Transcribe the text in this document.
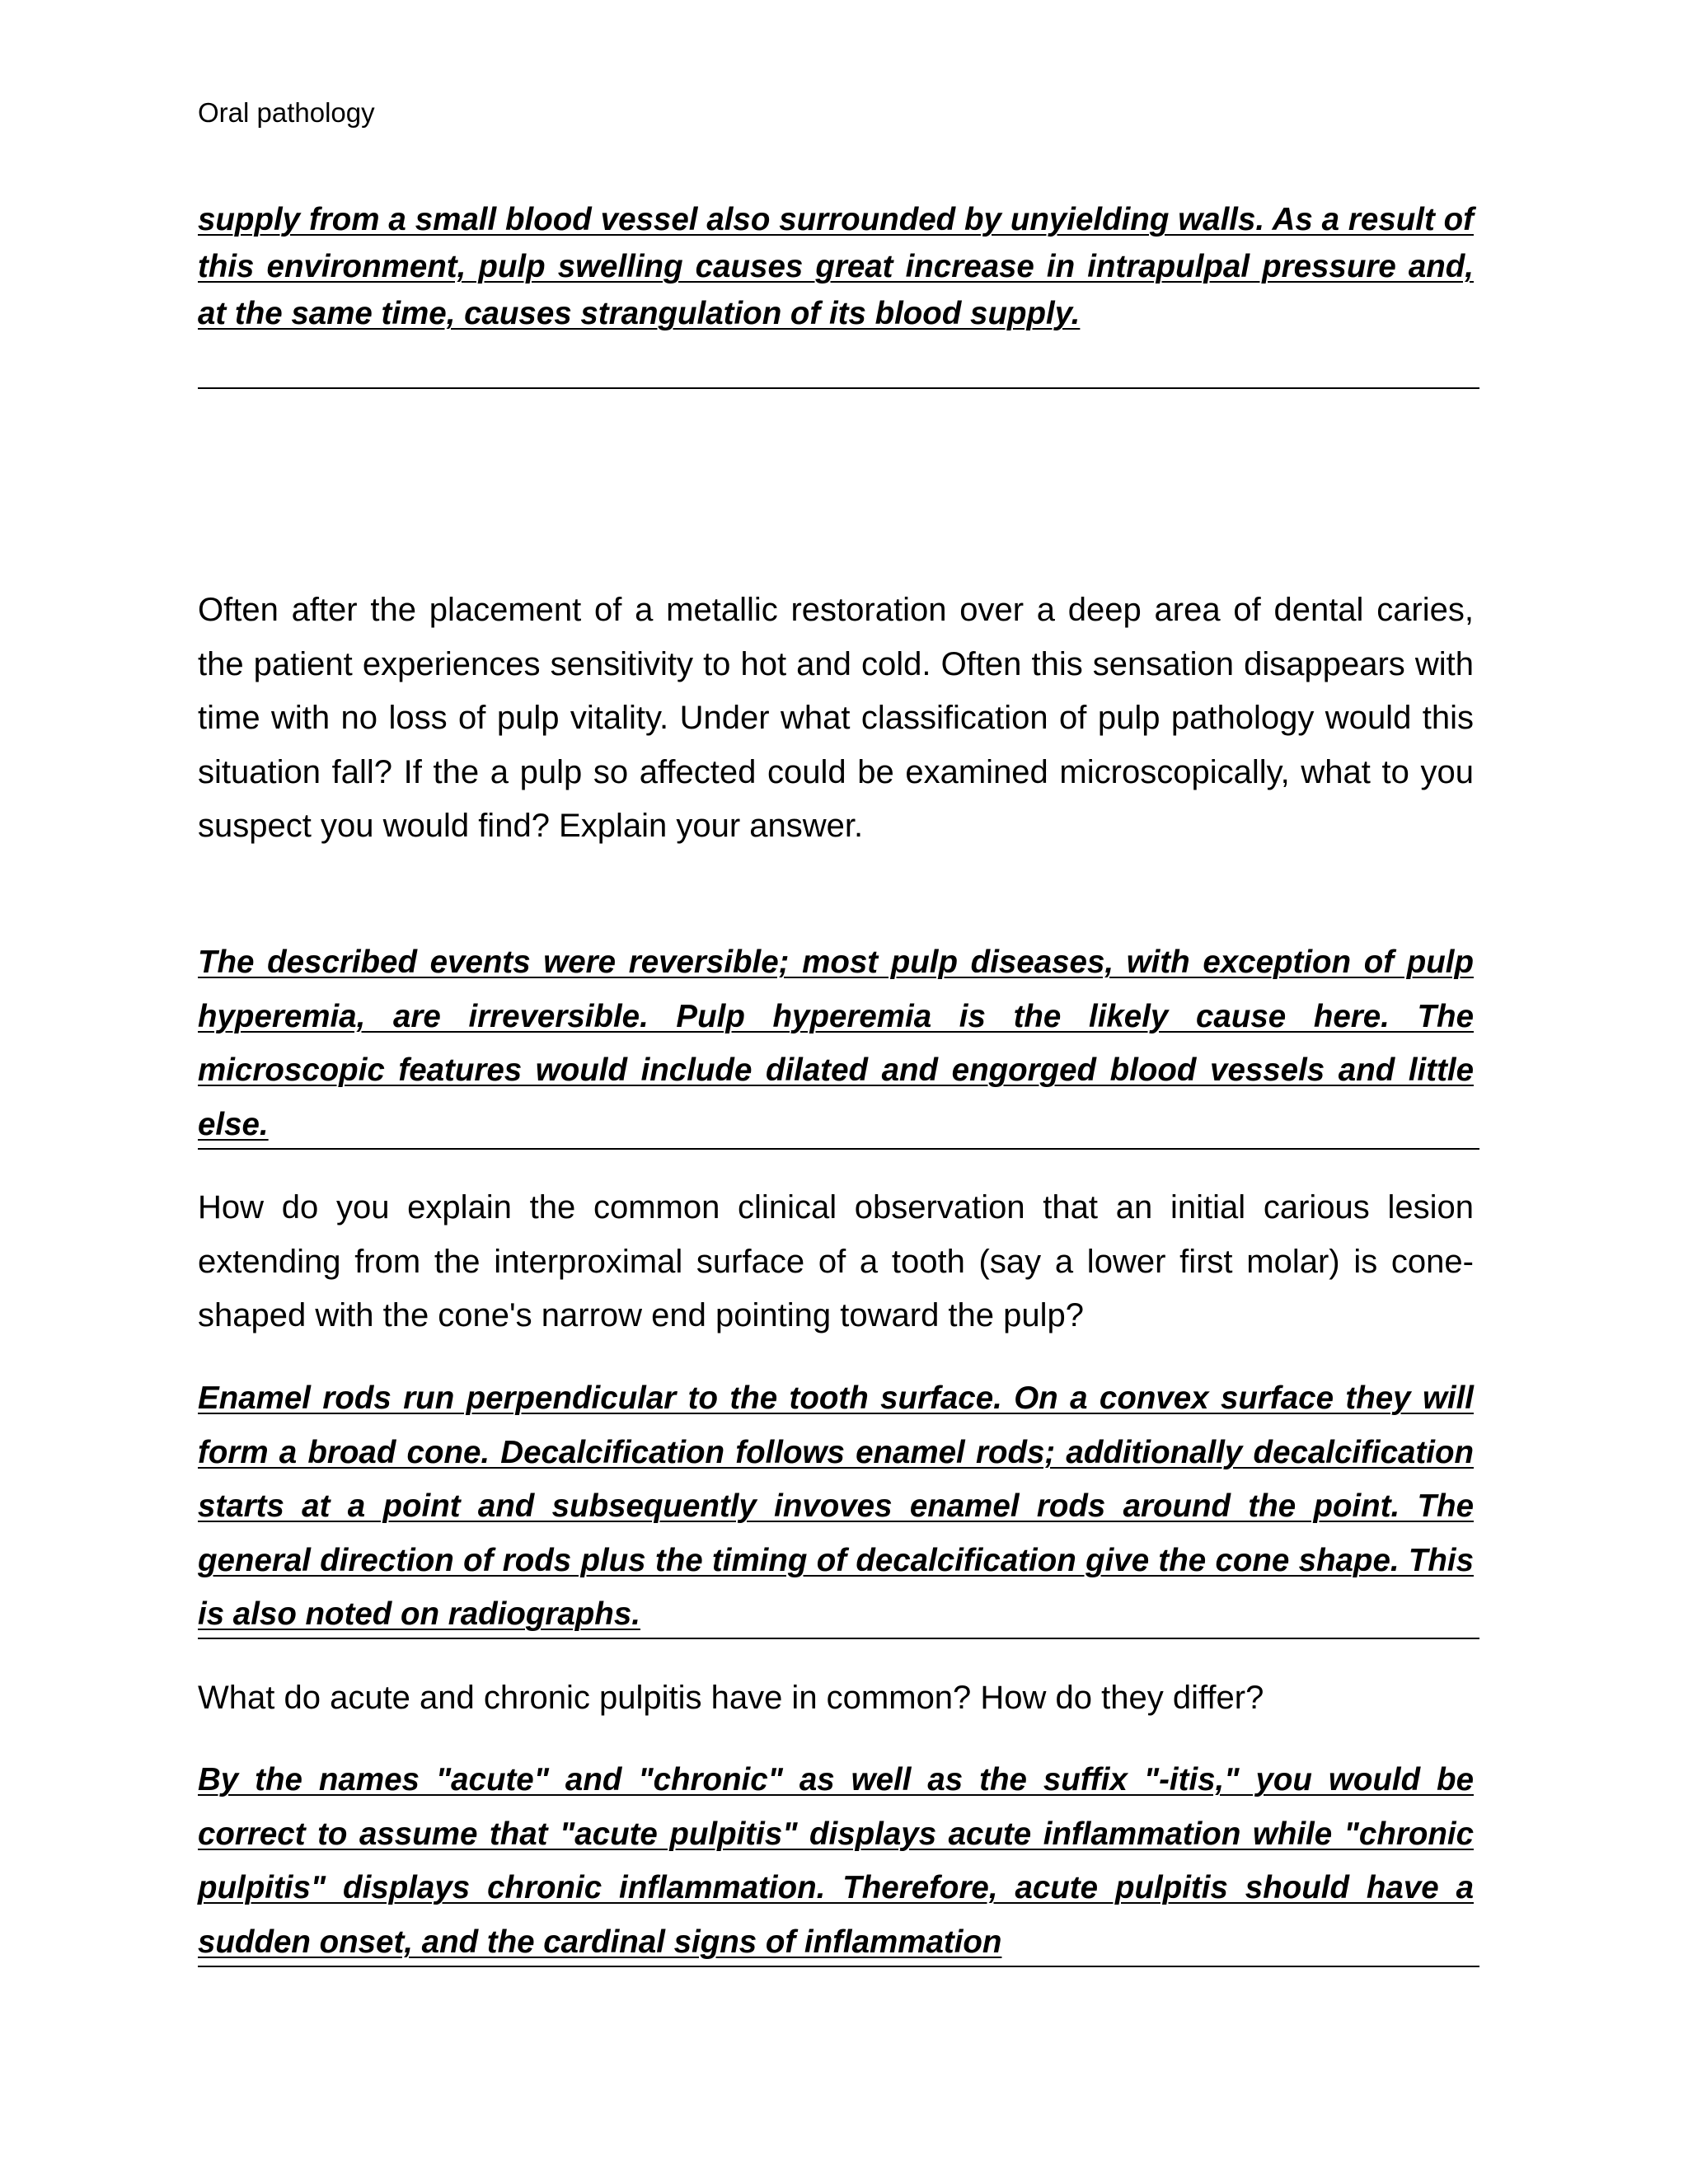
Oral pathology
supply from a small blood vessel also surrounded by unyielding walls. As a result of this environment, pulp swelling causes great increase in intrapulpal pressure and, at the same time, causes strangulation of its blood supply.
Often after the placement of a metallic restoration over a deep area of dental caries, the patient experiences sensitivity to hot and cold. Often this sensation disappears with time with no loss of pulp vitality. Under what classification of pulp pathology would this situation fall? If the a pulp so affected could be examined microscopically, what to you suspect you would find? Explain your answer.
The described events were reversible; most pulp diseases, with exception of pulp hyperemia, are irreversible. Pulp hyperemia is the likely cause here. The microscopic features would include dilated and engorged blood vessels and little else.
How do you explain the common clinical observation that an initial carious lesion extending from the interproximal surface of a tooth (say a lower first molar) is cone-shaped with the cone's narrow end pointing toward the pulp?
Enamel rods run perpendicular to the tooth surface. On a convex surface they will form a broad cone. Decalcification follows enamel rods; additionally decalcification starts at a point and subsequently invoves enamel rods around the point. The general direction of rods plus the timing of decalcification give the cone shape. This is also noted on radiographs.
What do acute and chronic pulpitis have in common? How do they differ?
By the names "acute" and "chronic" as well as the suffix "-itis," you would be correct to assume that "acute pulpitis" displays acute inflammation while "chronic pulpitis" displays chronic inflammation. Therefore, acute pulpitis should have a sudden onset, and the cardinal signs of inflammation
